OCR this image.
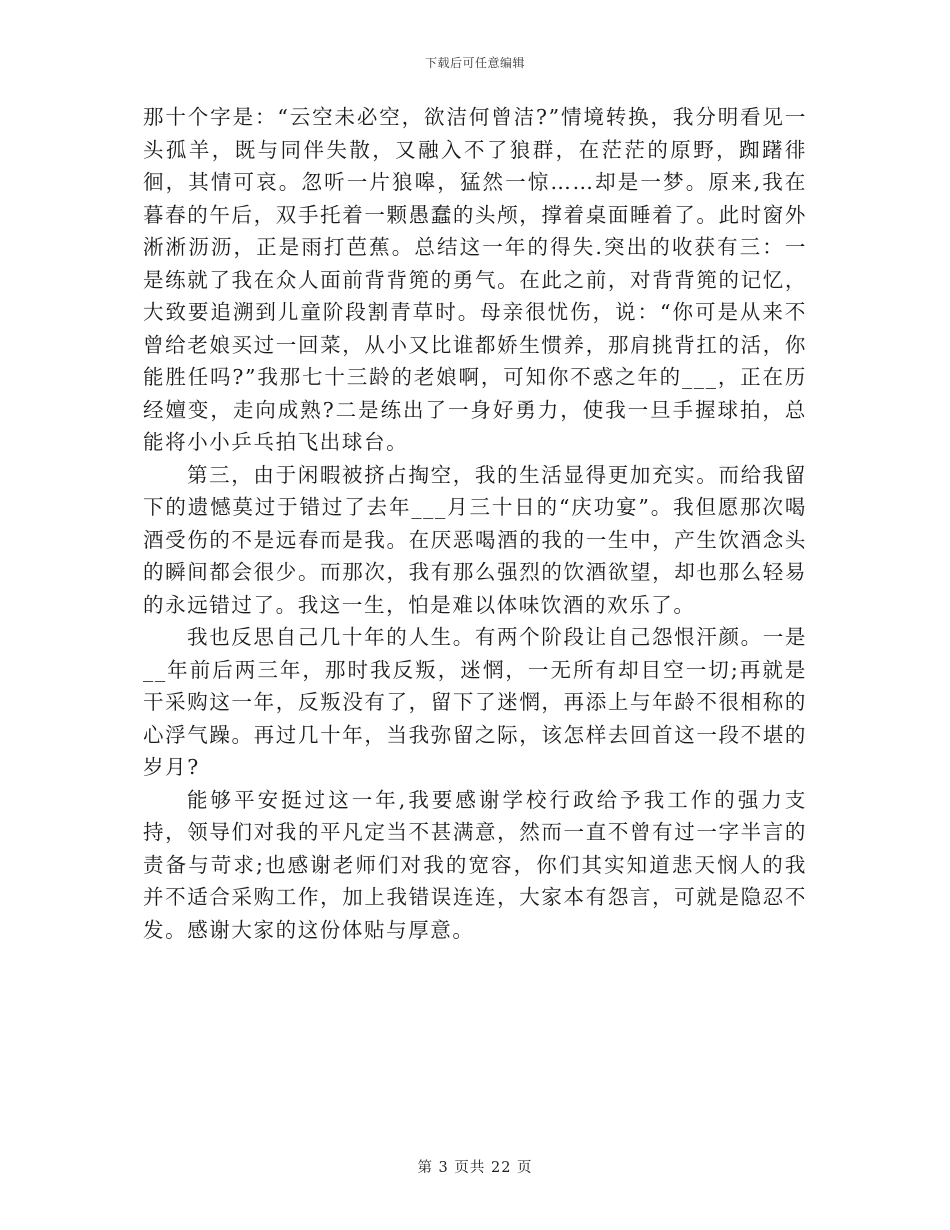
下载后可任意编辑

那十个字是：“云空未必空，欲洁何曾洁?”情境转换，我分明看见一头孤羊，既与同伴失散，又融入不了狼群，在茫茫的原野，踟躇徘徊，其情可哀。忽听一片狼嗥，猛然一惊……却是一梦。原来,我在暮春的午后，双手托着一颗愚蠢的头颅，撑着桌面睡着了。此时窗外淅淅沥沥，正是雨打芭蕉。总结这一年的得失.突出的收获有三：一是练就了我在众人面前背背篼的勇气。在此之前，对背背篼的记忆，大致要追溯到儿童阶段割青草时。母亲很忧伤，说：“你可是从来不曾给老娘买过一回菜，从小又比谁都娇生惯养，那肩挑背扛的活，你能胜任吗?”我那七十三龄的老娘啊，可知你不惑之年的___，正在历经嬗变，走向成熟?二是练出了一身好勇力，使我一旦手握球拍，总能将小小乒乓拍飞出球台。

第三，由于闲暇被挤占掏空，我的生活显得更加充实。而给我留下的遗憾莫过于错过了去年___月三十日的“庆功宴”。我但愿那次喝酒受伤的不是远春而是我。在厌恶喝酒的我的一生中，产生饮酒念头的瞬间都会很少。而那次，我有那么强烈的饮酒欲望，却也那么轻易的永远错过了。我这一生，怕是难以体味饮酒的欢乐了。

我也反思自己几十年的人生。有两个阶段让自己怨恨汗颜。一是__年前后两三年，那时我反叛，迷惘，一无所有却目空一切;再就是干采购这一年，反叛没有了，留下了迷惘，再添上与年龄不很相称的心浮气躁。再过几十年，当我弥留之际，该怎样去回首这一段不堪的岁月?

能够平安挺过这一年,我要感谢学校行政给予我工作的强力支持，领导们对我的平凡定当不甚满意，然而一直不曾有过一字半言的责备与苛求;也感谢老师们对我的宽容，你们其实知道悲天悯人的我并不适合采购工作，加上我错误连连，大家本有怨言，可就是隐忍不发。感谢大家的这份体贴与厚意。

第 3 页共 22 页
